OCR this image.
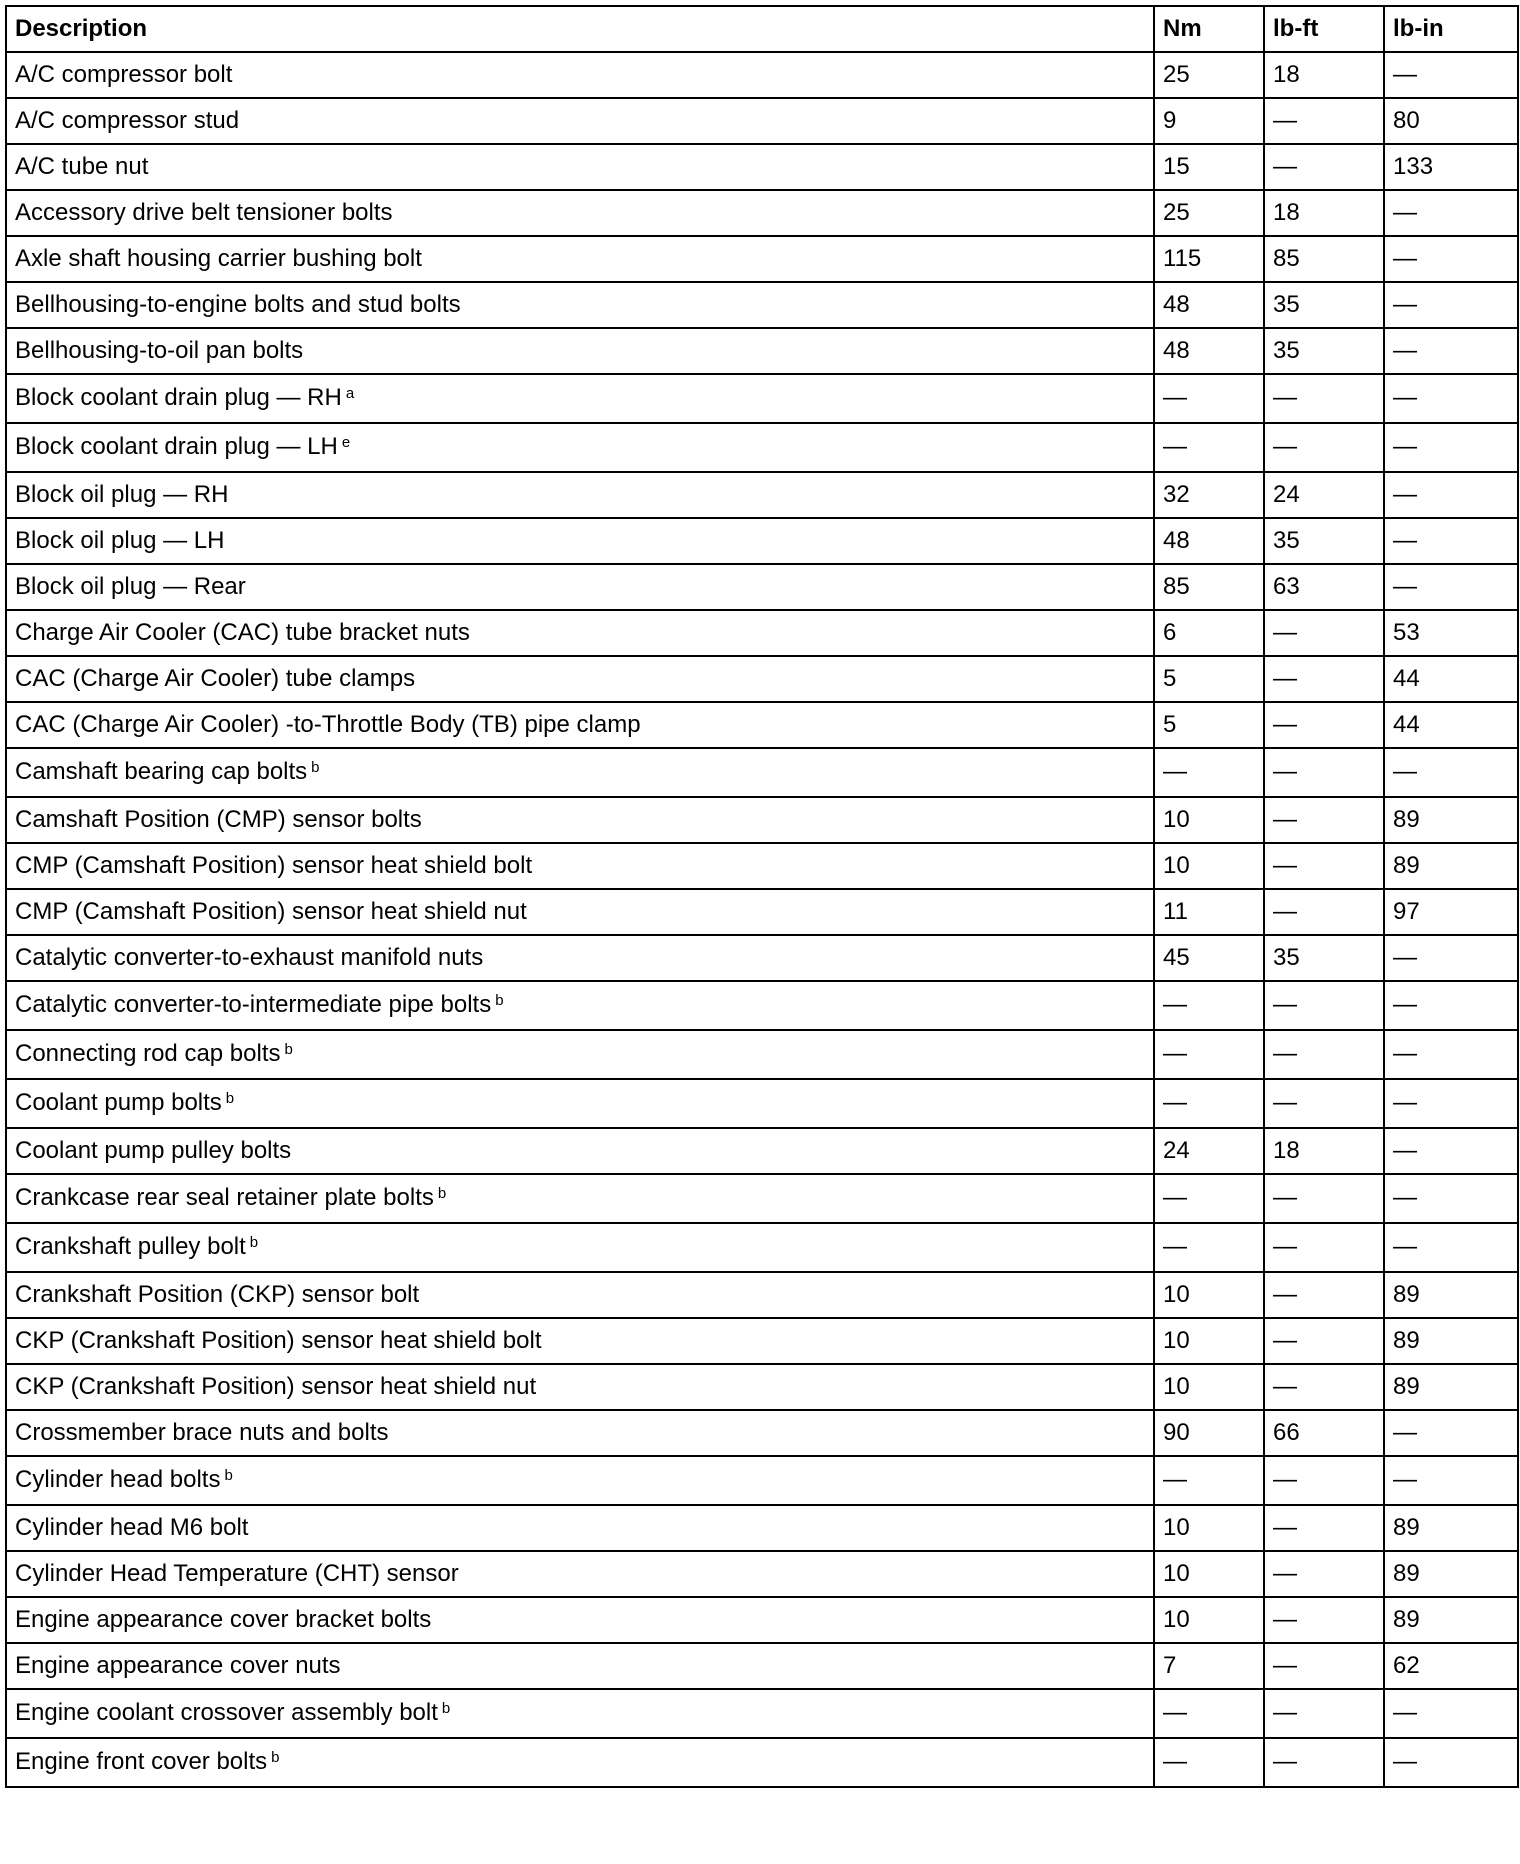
Description	Nm	lb-ft	lb-in
A/C compressor bolt	25	18	—
A/C compressor stud	9	—	80
A/C tube nut	15	—	133
Accessory drive belt tensioner bolts	25	18	—
Axle shaft housing carrier bushing bolt	115	85	—
Bellhousing-to-engine bolts and stud bolts	48	35	—
Bellhousing-to-oil pan bolts	48	35	—
Block coolant drain plug — RH $^a$	—	—	—
Block coolant drain plug — LH $^e$	—	—	—
Block oil plug — RH	32	24	—
Block oil plug — LH	48	35	—
Block oil plug — Rear	85	63	—
Charge Air Cooler (CAC) tube bracket nuts	6	—	53
CAC (Charge Air Cooler) tube clamps	5	—	44
CAC (Charge Air Cooler) -to-Throttle Body (TB) pipe clamp	5	—	44
Camshaft bearing cap bolts $^b$	—	—	—
Camshaft Position (CMP) sensor bolts	10	—	89
CMP (Camshaft Position) sensor heat shield bolt	10	—	89
CMP (Camshaft Position) sensor heat shield nut	11	—	97
Catalytic converter-to-exhaust manifold nuts	45	35	—
Catalytic converter-to-intermediate pipe bolts $^b$	—	—	—
Connecting rod cap bolts $^b$	—	—	—
Coolant pump bolts $^b$	—	—	—
Coolant pump pulley bolts	24	18	—
Crankcase rear seal retainer plate bolts $^b$	—	—	—
Crankshaft pulley bolt $^b$	—	—	—
Crankshaft Position (CKP) sensor bolt	10	—	89
CKP (Crankshaft Position) sensor heat shield bolt	10	—	89
CKP (Crankshaft Position) sensor heat shield nut	10	—	89
Crossmember brace nuts and bolts	90	66	—
Cylinder head bolts $^b$	—	—	—
Cylinder head M6 bolt	10	—	89
Cylinder Head Temperature (CHT) sensor	10	—	89
Engine appearance cover bracket bolts	10	—	89
Engine appearance cover nuts	7	—	62
Engine coolant crossover assembly bolt $^b$	—	—	—
Engine front cover bolts $^b$	—	—	—
